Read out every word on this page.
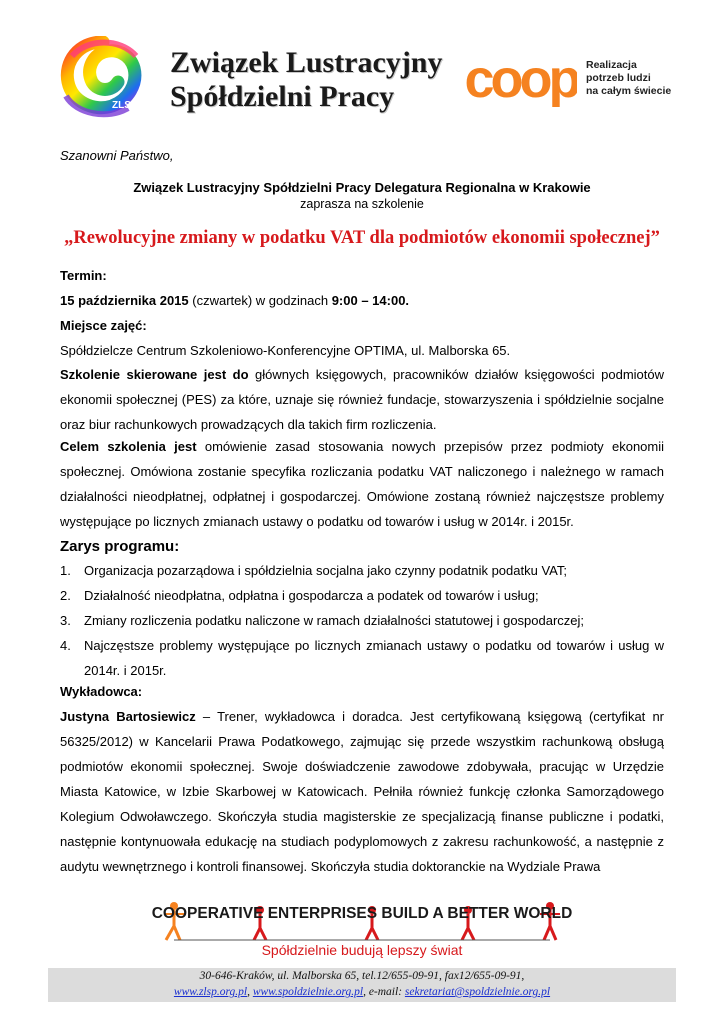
ZLSP
Związek Lustracyjny
Spółdzielni Pracy	coop Realizacja
potrzeb ludzi
na całym świecie
Szanowni Państwo,
Związek Lustracyjny Spółdzielni Pracy Delegatura Regionalna w Krakowie
zaprasza na szkolenie
„Rewolucyjne zmiany w podatku VAT dla podmiotów ekonomii społecznej”
Termin:
15 października 2015 (czwartek) w godzinach 9:00 – 14:00.
Miejsce zajęć:
Spółdzielcze Centrum Szkoleniowo-Konferencyjne OPTIMA, ul. Malborska 65.
Szkolenie skierowane jest do głównych księgowych, pracowników działów księgowości podmiotów ekonomii społecznej (PES) za które, uznaje się również fundacje, stowarzyszenia i spółdzielnie socjalne oraz biur rachunkowych prowadzących dla takich firm rozliczenia.
Celem szkolenia jest omówienie zasad stosowania nowych przepisów przez podmioty ekonomii społecznej. Omówiona zostanie specyfika rozliczania podatku VAT naliczonego i należnego w ramach działalności nieodpłatnej, odpłatnej i gospodarczej. Omówione zostaną również najczęstsze problemy występujące po licznych zmianach ustawy o podatku od towarów i usług w 2014r. i 2015r.
Zarys programu:
1. Organizacja pozarządowa i spółdzielnia socjalna jako czynny podatnik podatku VAT;
2. Działalność nieodpłatna, odpłatna i gospodarcza a podatek od towarów i usług;
3. Zmiany rozliczenia podatku naliczone w ramach działalności statutowej i gospodarczej;
4. Najczęstsze problemy występujące po licznych zmianach ustawy o podatku od towarów i usług w 2014r. i 2015r.
Wykładowca:
Justyna Bartosiewicz – Trener, wykładowca i doradca. Jest certyfikowaną księgową (certyfikat nr 56325/2012) w Kancelarii Prawa Podatkowego, zajmując się przede wszystkim rachunkową obsługą podmiotów ekonomii społecznej. Swoje doświadczenie zawodowe zdobywała, pracując w Urzędzie Miasta Katowice, w Izbie Skarbowej w Katowicach. Pełniła również funkcję członka Samorządowego Kolegium Odwoławczego. Skończyła studia magisterskie ze specjalizacją finanse publiczne i podatki, następnie kontynuowała edukację na studiach podyplomowych z zakresu rachunkowość, a następnie z audytu wewnętrznego i kontroli finansowej. Skończyła studia doktoranckie na Wydziale Prawa
COOPERATIVE ENTERPRISES BUILD A BETTER WORLD
Spółdzielnie budują lepszy świat
30-646-Kraków, ul. Malborska 65, tel.12/655-09-91, fax12/655-09-91,
www.zlsp.org.pl, www.spoldzielnie.org.pl, e-mail: sekretariat@spoldzielnie.org.pl
